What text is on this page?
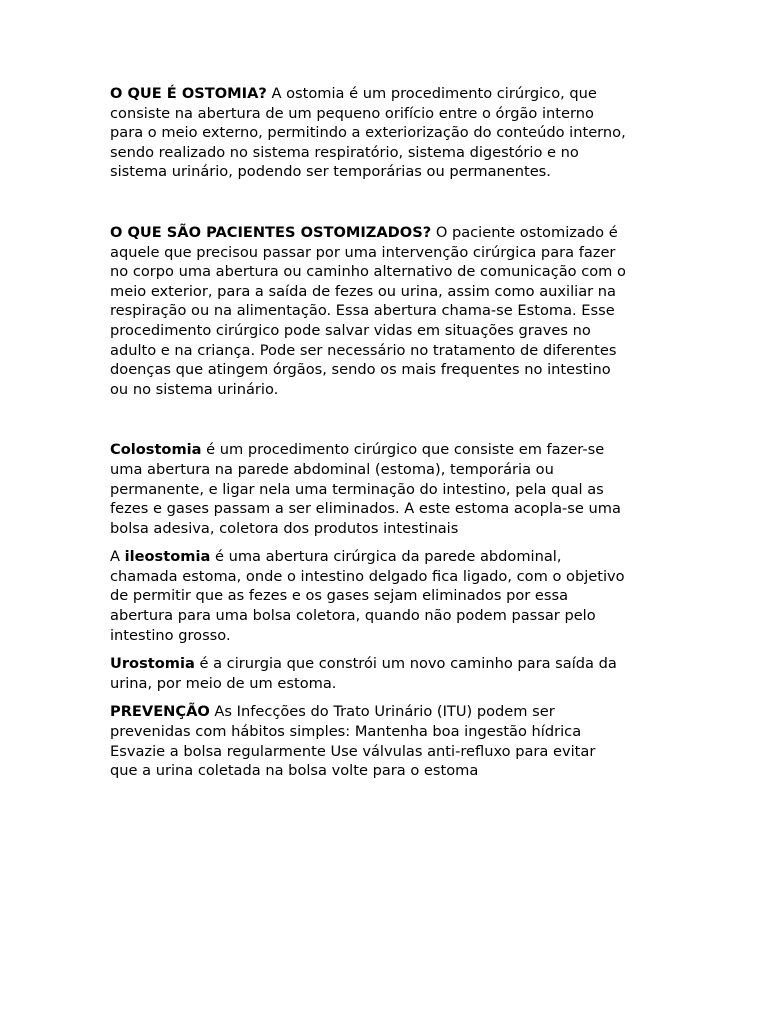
O QUE É OSTOMIA? A ostomia é um procedimento cirúrgico, que
consiste na abertura de um pequeno orifício entre o órgão interno
para o meio externo, permitindo a exteriorização do conteúdo interno,
sendo realizado no sistema respiratório, sistema digestório e no
sistema urinário, podendo ser temporárias ou permanentes.

O QUE SÃO PACIENTES OSTOMIZADOS? O paciente ostomizado é
aquele que precisou passar por uma intervenção cirúrgica para fazer
no corpo uma abertura ou caminho alternativo de comunicação com o
meio exterior, para a saída de fezes ou urina, assim como auxiliar na
respiração ou na alimentação. Essa abertura chama-se Estoma. Esse
procedimento cirúrgico pode salvar vidas em situações graves no
adulto e na criança. Pode ser necessário no tratamento de diferentes
doenças que atingem órgãos, sendo os mais frequentes no intestino
ou no sistema urinário.

Colostomia é um procedimento cirúrgico que consiste em fazer-se
uma abertura na parede abdominal (estoma), temporária ou
permanente, e ligar nela uma terminação do intestino, pela qual as
fezes e gases passam a ser eliminados. A este estoma acopla-se uma
bolsa adesiva, coletora dos produtos intestinais

A ileostomia é uma abertura cirúrgica da parede abdominal,
chamada estoma, onde o intestino delgado fica ligado, com o objetivo
de permitir que as fezes e os gases sejam eliminados por essa
abertura para uma bolsa coletora, quando não podem passar pelo
intestino grosso.

Urostomia é a cirurgia que constrói um novo caminho para saída da
urina, por meio de um estoma.

PREVENÇÃO As Infecções do Trato Urinário (ITU) podem ser
prevenidas com hábitos simples: Mantenha boa ingestão hídrica
Esvazie a bolsa regularmente Use válvulas anti-refluxo para evitar
que a urina coletada na bolsa volte para o estoma
